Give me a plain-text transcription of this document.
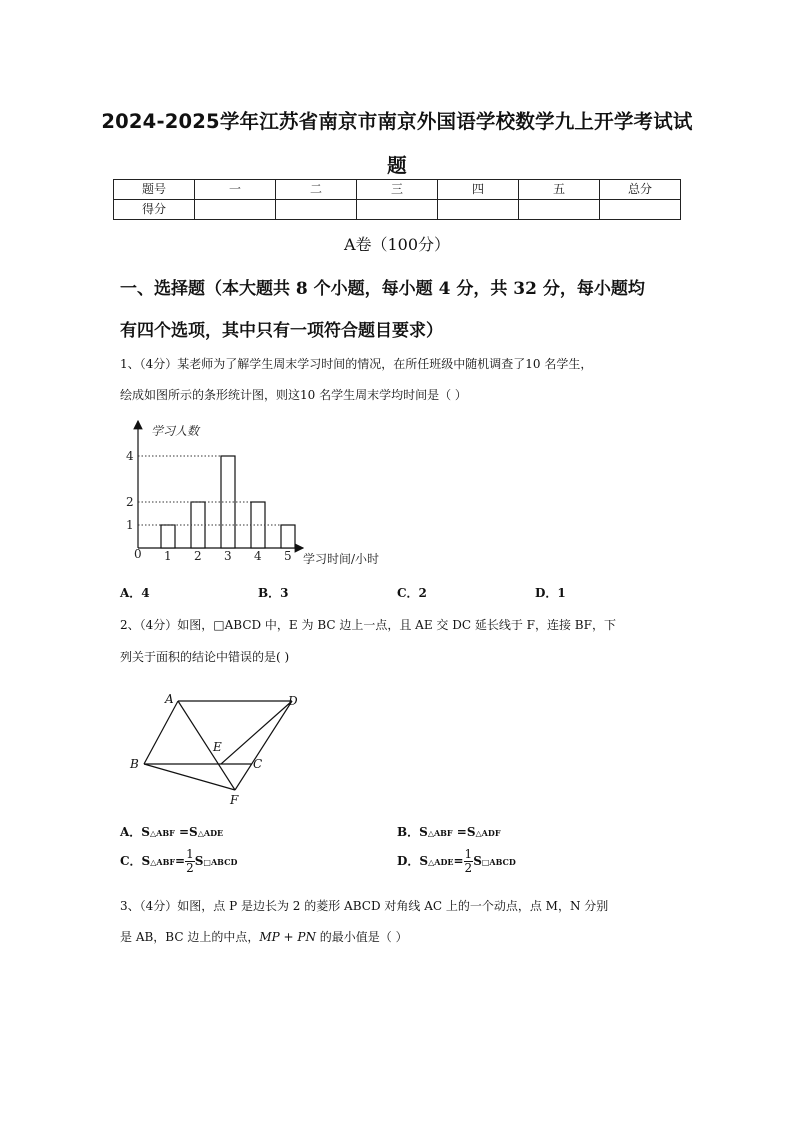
2024-2025学年江苏省南京市南京外国语学校数学九上开学考试试
题
题号	一	二	三	四	五	总分
得分						
A卷（100分）
一、选择题（本大题共 8 个小题，每小题 4 分，共 32 分，每小题均
有四个选项，其中只有一项符合题目要求）
1、（4分）某老师为了解学生周末学习时间的情况，在所任班级中随机调查了10 名学生，
绘成如图所示的条形统计图，则这10 名学生周末学均时间是（ ）
学习人数
学习时间/小时
0
1
2
4
1 2 3 4 5
A．4	B．3	C．2	D．1
2、（4分）如图，□ABCD 中，E 为 BC 边上一点，且 AE 交 DC 延长线于 F，连接 BF，下
列关于面积的结论中错误的是( )
A	D
B	C
E
F
A．S△ABF =S△ADE	B．S△ABF =S△ADF
C．S△ABF= $\frac{1}{2}$ S□ABCD	D．S△ADE= $\frac{1}{2}$ S□ABCD
3、（4分）如图，点 P 是边长为 2 的菱形 ABCD 对角线 AC 上的一个动点，点 M，N 分别
是 AB，BC 边上的中点，MP + PN 的最小值是（ ）
